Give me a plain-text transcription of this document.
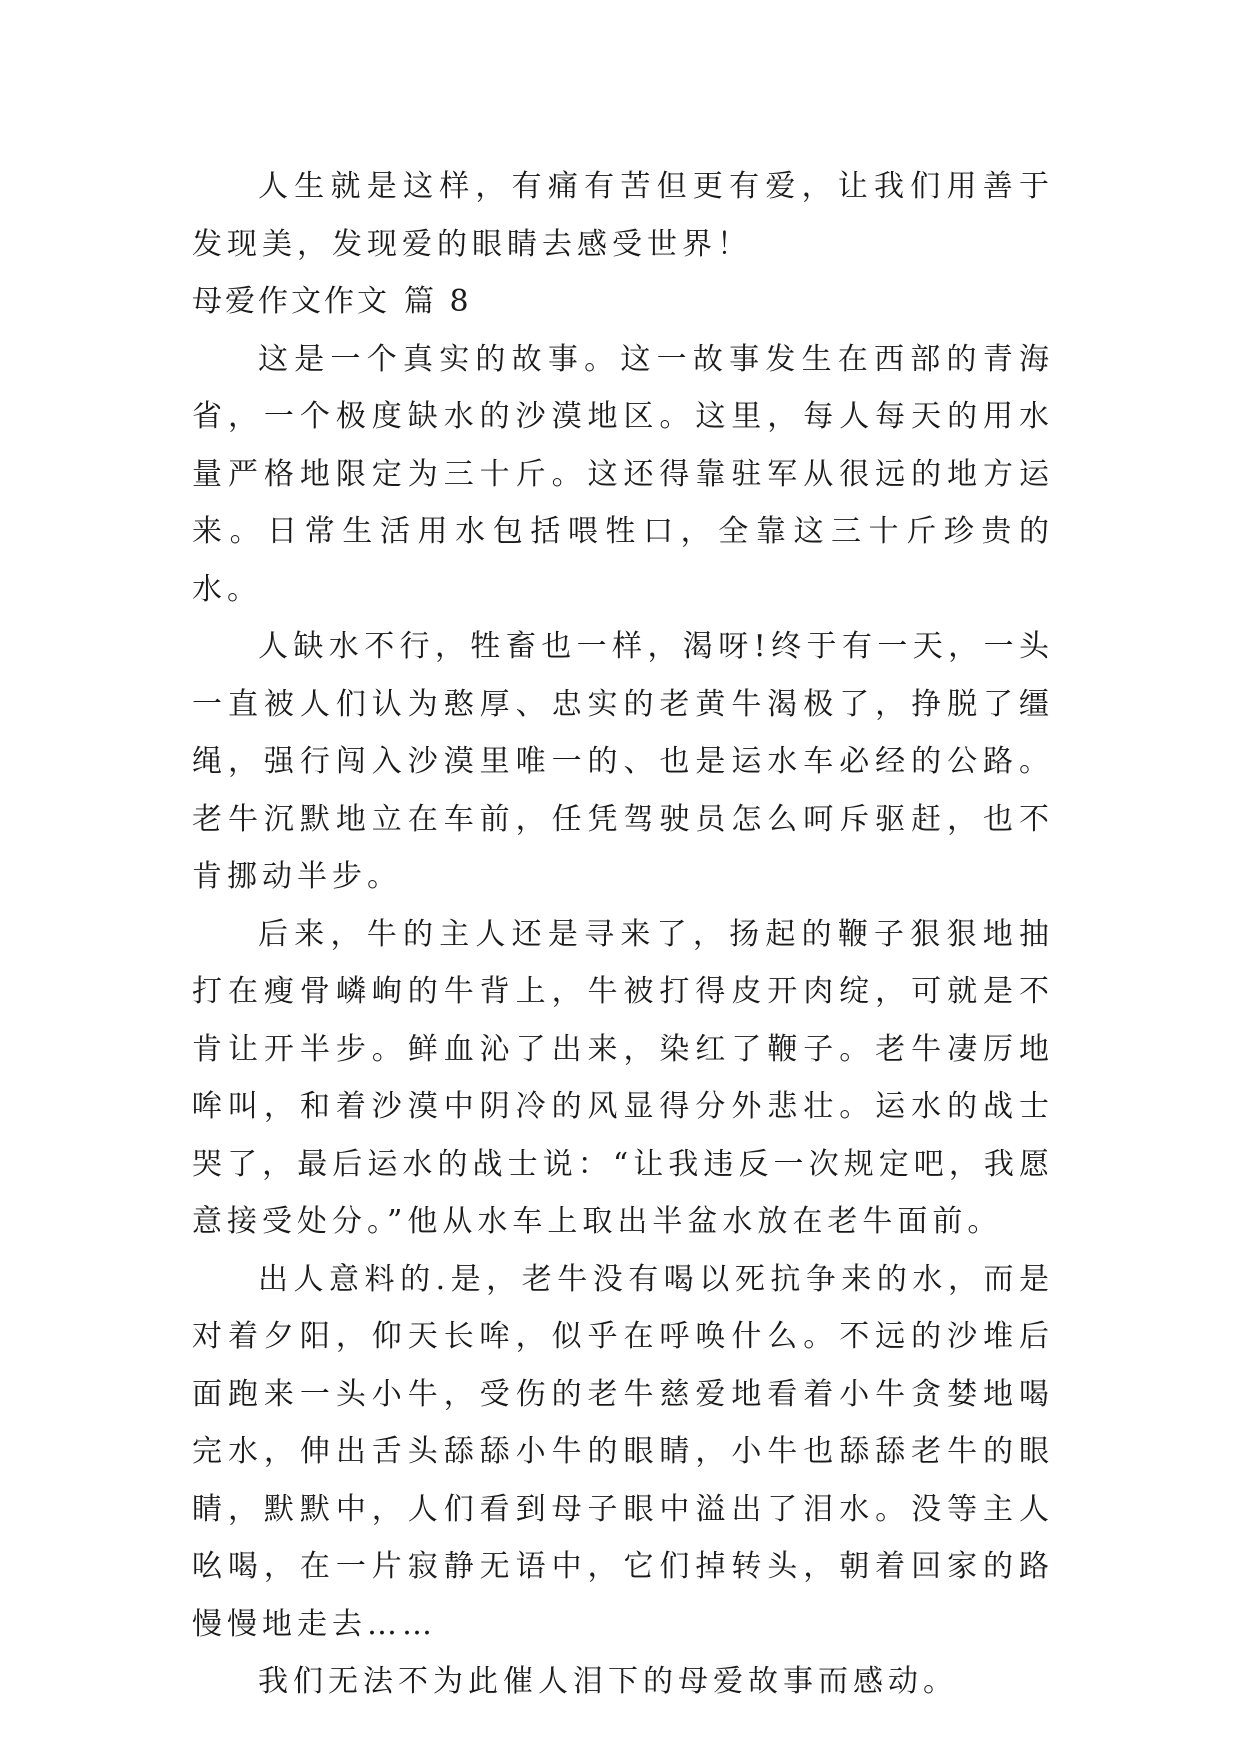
人生就是这样，有痛有苦但更有爱，让我们用善于发现美，发现爱的眼睛去感受世界！

母爱作文作文 篇 8

这是一个真实的故事。这一故事发生在西部的青海省，一个极度缺水的沙漠地区。这里，每人每天的用水量严格地限定为三十斤。这还得靠驻军从很远的地方运来。日常生活用水包括喂牲口，全靠这三十斤珍贵的水。

人缺水不行，牲畜也一样，渴呀!终于有一天，一头一直被人们认为憨厚、忠实的老黄牛渴极了，挣脱了缰绳，强行闯入沙漠里唯一的、也是运水车必经的公路。老牛沉默地立在车前，任凭驾驶员怎么呵斥驱赶，也不肯挪动半步。

后来，牛的主人还是寻来了，扬起的鞭子狠狠地抽打在瘦骨嶙峋的牛背上，牛被打得皮开肉绽，可就是不肯让开半步。鲜血沁了出来，染红了鞭子。老牛凄厉地哞叫，和着沙漠中阴冷的风显得分外悲壮。运水的战士哭了，最后运水的战士说：“让我违反一次规定吧，我愿意接受处分。”他从水车上取出半盆水放在老牛面前。

出人意料的.是，老牛没有喝以死抗争来的水，而是对着夕阳，仰天长哞，似乎在呼唤什么。不远的沙堆后面跑来一头小牛，受伤的老牛慈爱地看着小牛贪婪地喝完水，伸出舌头舔舔小牛的眼睛，小牛也舔舔老牛的眼睛，默默中，人们看到母子眼中溢出了泪水。没等主人吆喝，在一片寂静无语中，它们掉转头，朝着回家的路慢慢地走去……

我们无法不为此催人泪下的母爱故事而感动。
